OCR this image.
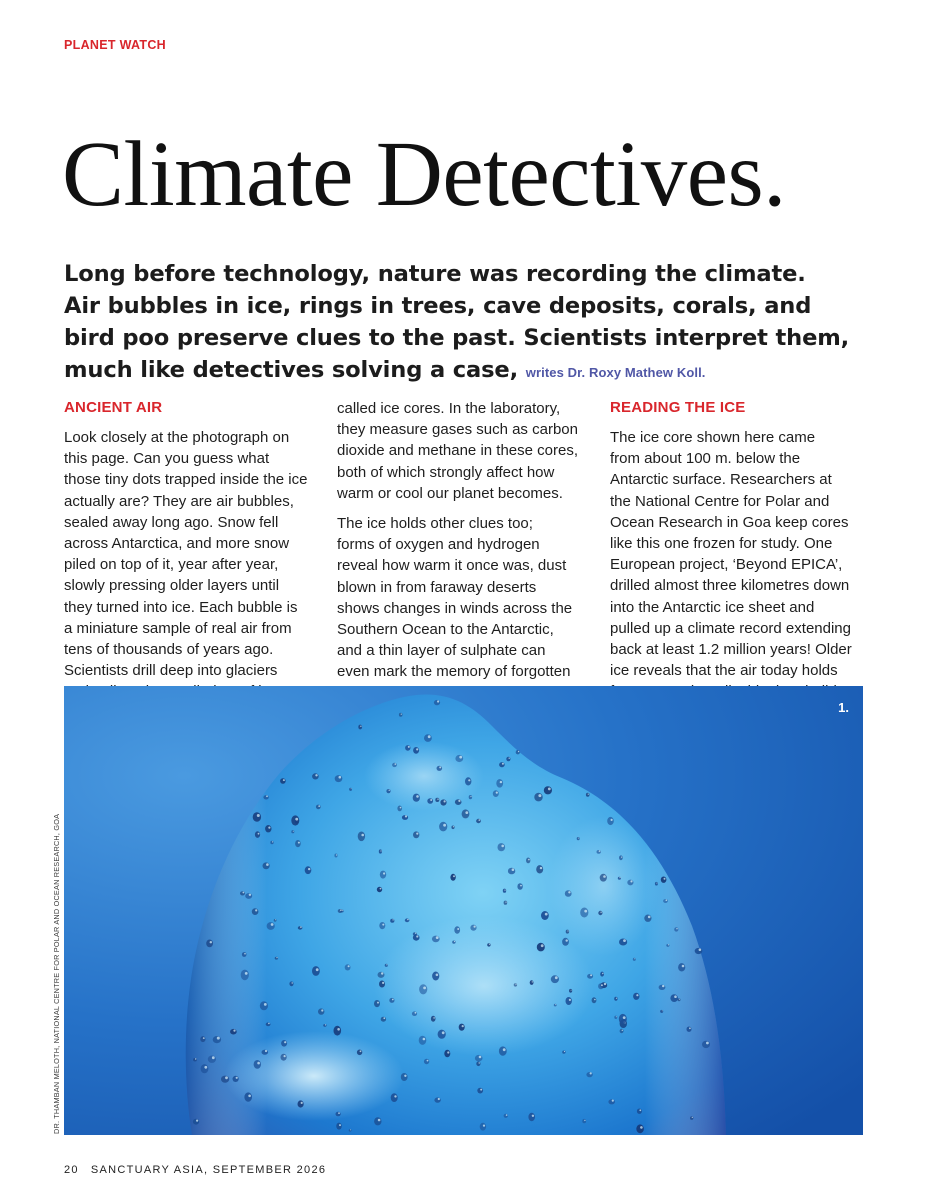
PLANET WATCH
Climate Detectives.
Long before technology, nature was recording the climate.
Air bubbles in ice, rings in trees, cave deposits, corals, and
bird poo preserve clues to the past. Scientists interpret them,
much like detectives solving a case, writes Dr. Roxy Mathew Koll.
ANCIENT AIR
Look closely at the photograph on
this page. Can you guess what
those tiny dots trapped inside the ice
actually are? They are air bubbles,
sealed away long ago. Snow fell
across Antarctica, and more snow
piled on top of it, year after year,
slowly pressing older layers until
they turned into ice. Each bubble is
a miniature sample of real air from
tens of thousands of years ago.
Scientists drill deep into glaciers
called ice cores. In the laboratory,
they measure gases such as carbon
dioxide and methane in these cores,
both of which strongly affect how
warm or cool our planet becomes.
The ice holds other clues too;
forms of oxygen and hydrogen
reveal how warm it once was, dust
blown in from faraway deserts
shows changes in winds across the
Southern Ocean to the Antarctic,
and a thin layer of sulphate can
even mark the memory of forgotten
READING THE ICE
The ice core shown here came
from about 100 m. below the
Antarctic surface. Researchers at
the National Centre for Polar and
Ocean Research in Goa keep cores
like this one frozen for study. One
European project, ‘Beyond EPICA’,
drilled almost three kilometres down
into the Antarctic ice sheet and
pulled up a climate record extending
back at least 1.2 million years! Older
ice reveals that the air today holds
1.
DR. THAMBAN MELOTH, NATIONAL CENTRE FOR POLAR AND OCEAN RESEARCH, GOA
20 SANCTUARY ASIA, SEPTEMBER 2026
